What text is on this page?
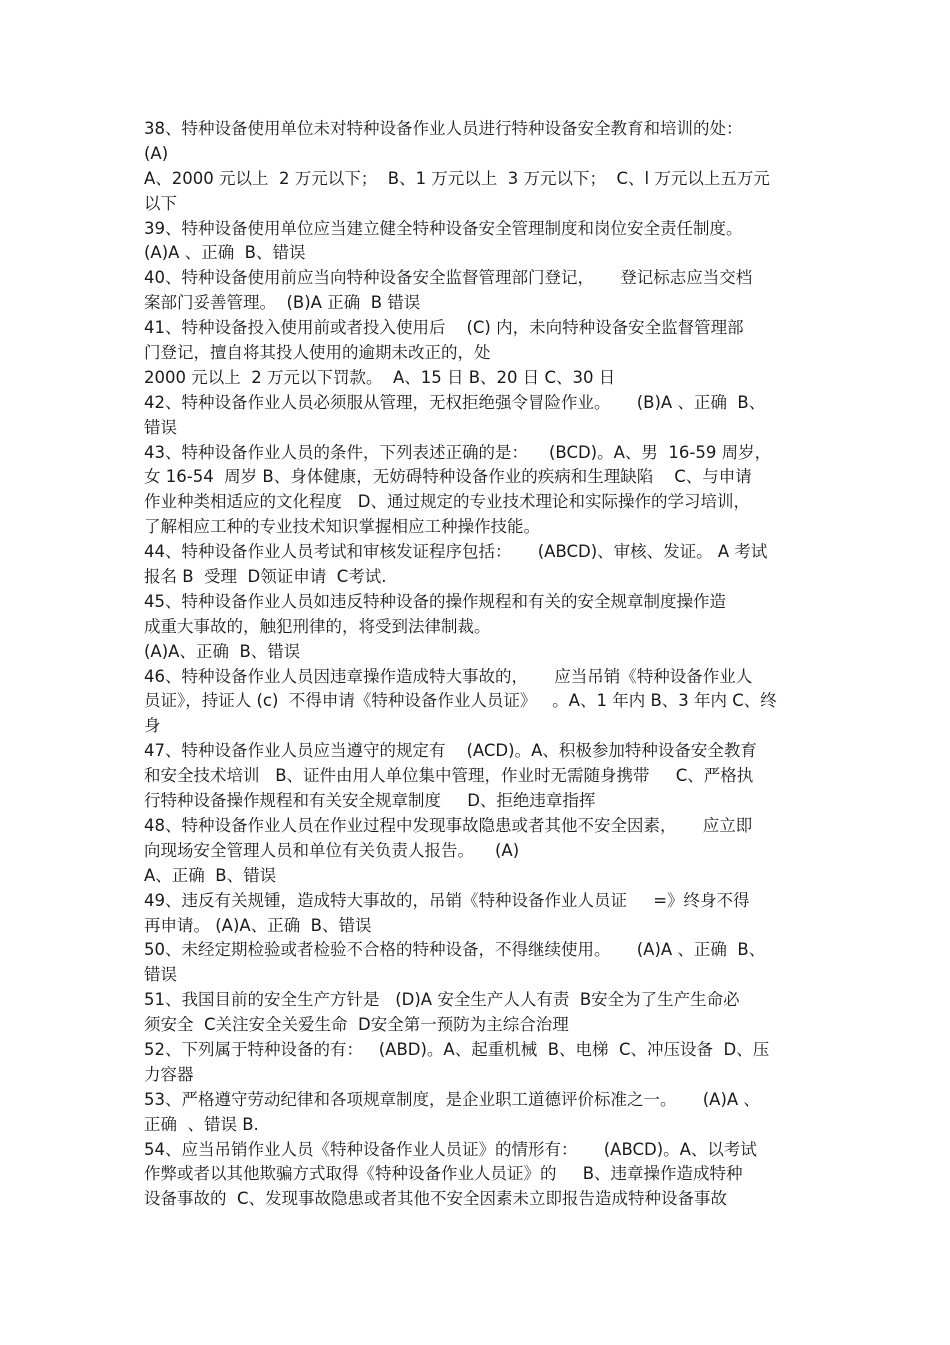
38、特种设备使用单位未对特种设备作业人员进行特种设备安全教育和培训的处：
(A)
A、2000 元以上  2 万元以下；  B、1 万元以上  3 万元以下；  C、l 万元以上五万元
以下
39、特种设备使用单位应当建立健全特种设备安全管理制度和岗位安全责任制度。
(A)A 、正确  B、错误
40、特种设备使用前应当向特种设备安全监督管理部门登记，     登记标志应当交档
案部门妥善管理。  (B)A 正确  B 错误
41、特种设备投入使用前或者投入使用后    (C) 内，未向特种设备安全监督管理部
门登记，擅自将其投人使用的逾期未改正的，处
2000 元以上  2 万元以下罚款。  A、15 日 B、20 日 C、30 日
42、特种设备作业人员必须服从管理，无权拒绝强令冒险作业。     (B)A 、正确  B、
错误
43、特种设备作业人员的条件，下列表述正确的是：    (BCD)。A、男  16-59 周岁，
女 16-54  周岁 B、身体健康，无妨碍特种设备作业的疾病和生理缺陷    C、与申请
作业种类相适应的文化程度   D、通过规定的专业技术理论和实际操作的学习培训，
了解相应工种的专业技术知识掌握相应工种操作技能。
44、特种设备作业人员考试和审核发证程序包括：     (ABCD)、审核、发证。 A 考试
报名 B  受理  D领证申请  C考试.
45、特种设备作业人员如违反特种设备的操作规程和有关的安全规章制度操作造
成重大事故的，触犯刑律的，将受到法律制裁。
(A)A、正确  B、错误
46、特种设备作业人员因违章操作造成特大事故的，     应当吊销《特种设备作业人
员证》，持证人 (c)  不得申请《特种设备作业人员证》   。A、1 年内 B、3 年内 C、终
身
47、特种设备作业人员应当遵守的规定有    (ACD)。A、积极参加特种设备安全教育
和安全技术培训   B、证件由用人单位集中管理，作业时无需随身携带     C、严格执
行特种设备操作规程和有关安全规章制度     D、拒绝违章指挥
48、特种设备作业人员在作业过程中发现事故隐患或者其他不安全因素，     应立即
向现场安全管理人员和单位有关负责人报告。    (A)
A、正确  B、错误
49、违反有关规锺，造成特大事故的，吊销《特种设备作业人员证     =》终身不得
再申请。 (A)A、正确  B、错误
50、未经定期检验或者检验不合格的特种设备，不得继续使用。     (A)A 、正确  B、
错误
51、我国目前的安全生产方针是   (D)A 安全生产人人有责  B安全为了生产生命必
须安全  C关注安全关爱生命  D安全第一预防为主综合治理
52、下列属于特种设备的有：   (ABD)。A、起重机械  B、电梯  C、冲压设备  D、压
力容器
53、严格遵守劳动纪律和各项规章制度，是企业职工道德评价标准之一。     (A)A 、
正确  、错误 B.
54、应当吊销作业人员《特种设备作业人员证》的情形有：     (ABCD)。A、以考试
作弊或者以其他欺骗方式取得《特种设备作业人员证》的     B、违章操作造成特种
设备事故的  C、发现事故隐患或者其他不安全因素未立即报告造成特种设备事故
